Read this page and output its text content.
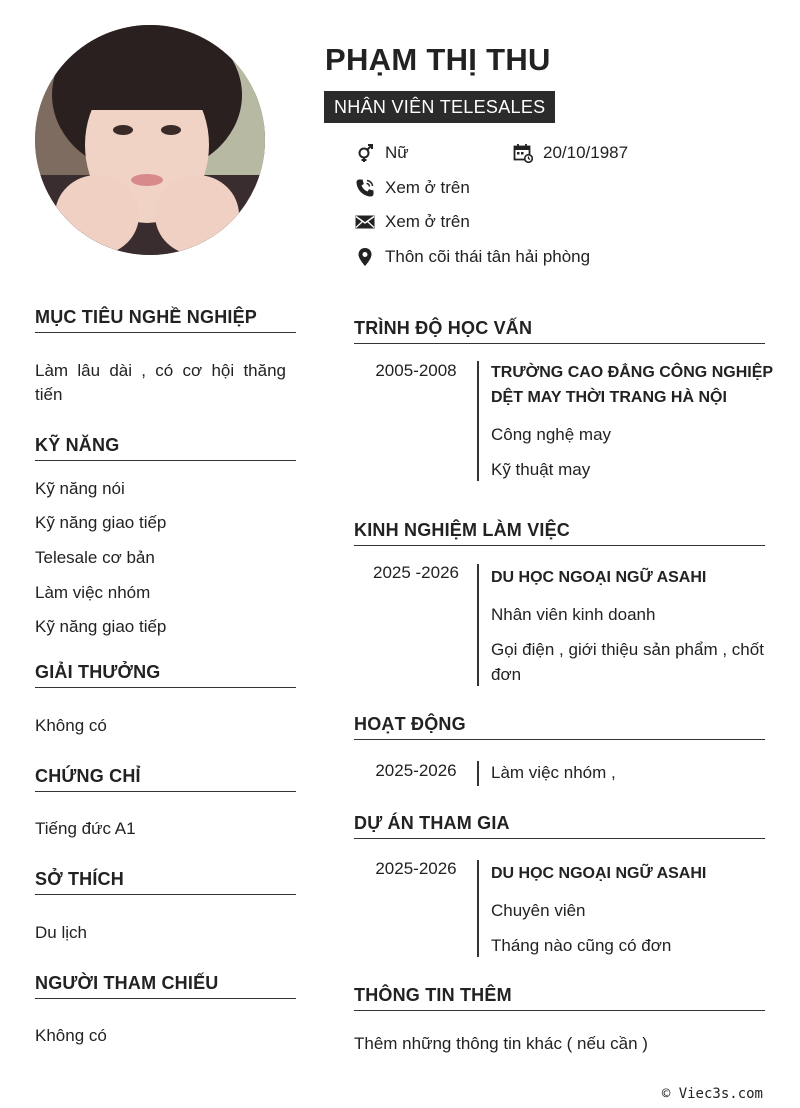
PHẠM THỊ THU
NHÂN VIÊN TELESALES
Nữ	20/10/1987
Xem ở trên
Xem ở trên
Thôn cõi thái tân hải phòng
MỤC TIÊU NGHỀ NGHIỆP
Làm lâu dài , có cơ hội thăng tiến
KỸ NĂNG
Kỹ năng nói
Kỹ năng giao tiếp
Telesale cơ bản
Làm việc nhóm
Kỹ năng giao tiếp
GIẢI THƯỞNG
Không có
CHỨNG CHỈ
Tiếng đức A1
SỞ THÍCH
Du lịch
NGƯỜI THAM CHIẾU
Không có
TRÌNH ĐỘ HỌC VẤN
2005-2008	TRƯỜNG CAO ĐẲNG CÔNG NGHIỆP
DỆT MAY THỜI TRANG HÀ NỘI
Công nghệ may
Kỹ thuật may
KINH NGHIỆM LÀM VIỆC
2025 -2026	DU HỌC NGOẠI NGỮ ASAHI
Nhân viên kinh doanh
Gọi điện , giới thiệu sản phẩm , chốt
đơn
HOẠT ĐỘNG
2025-2026	Làm việc nhóm ,
DỰ ÁN THAM GIA
2025-2026	DU HỌC NGOẠI NGỮ ASAHI
Chuyên viên
Tháng nào cũng có đơn
THÔNG TIN THÊM
Thêm những thông tin khác ( nếu cần )
© Viec3s.com
